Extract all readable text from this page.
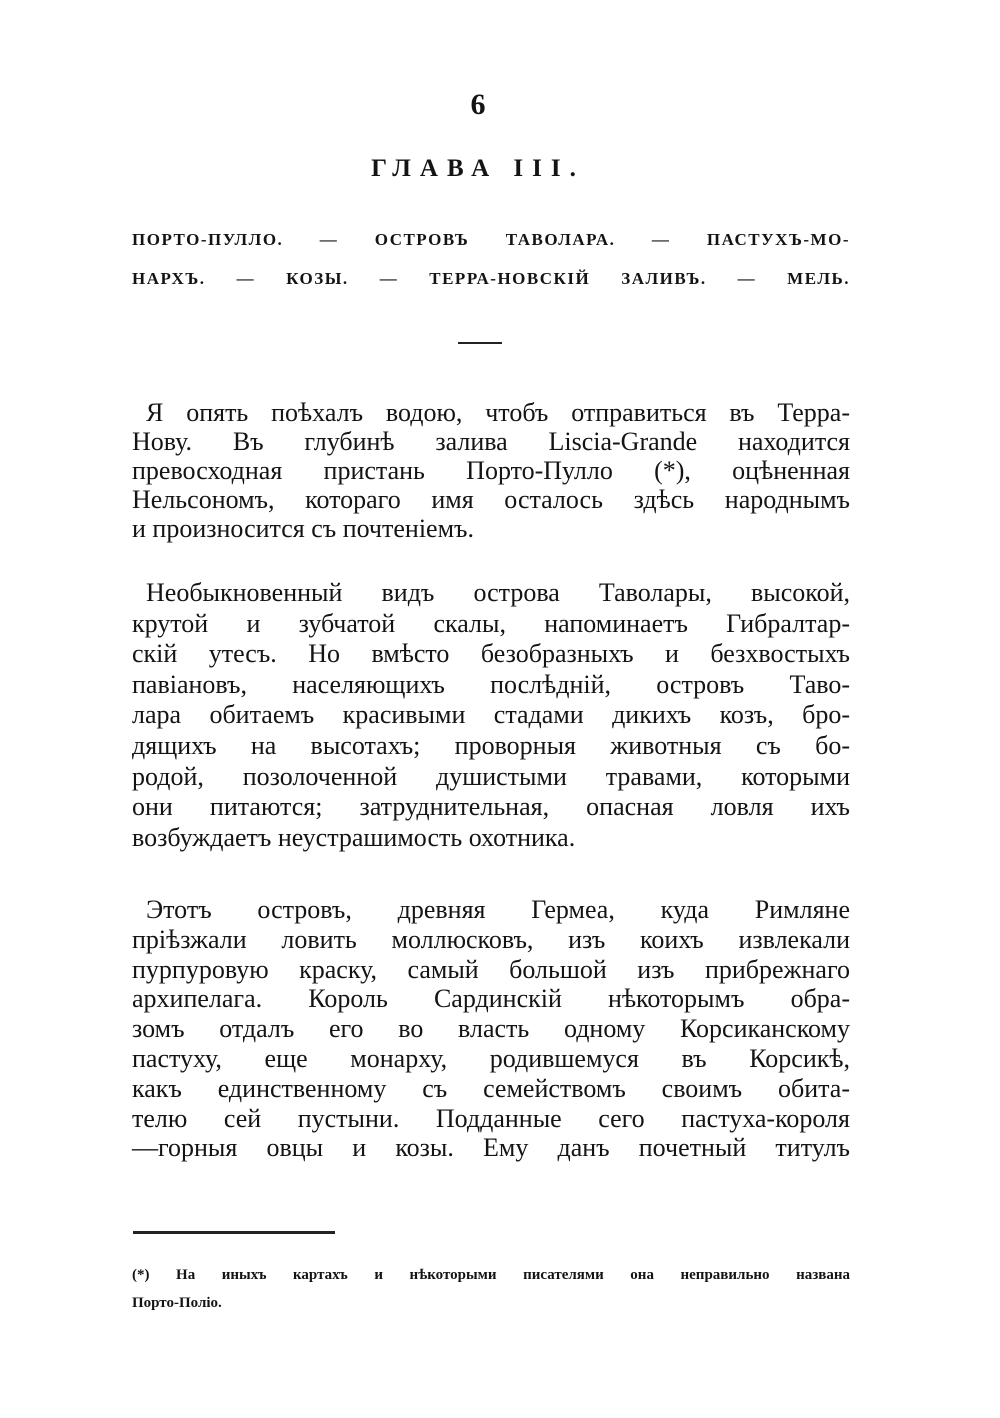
6
ГЛАВА III.
ПОРТО-ПУЛЛО. — ОСТРОВЪ ТАВОЛАРА. — ПАСТУХЪ-МО-
НАРХЪ. — КОЗЫ. — ТЕРРА-НОВСКІЙ ЗАЛИВЪ. — МЕЛЬ.
Я опять поѣхалъ водою, чтобъ отправиться въ Терра-
Нову. Въ глубинѣ залива Liscia-Grande находится
превосходная пристань Порто-Пулло (*), оцѣненная
Нельсономъ, котораго имя осталось здѣсь народнымъ
и произносится съ почтеніемъ.
Необыкновенный видъ острова Таволары, высокой,
крутой и зубчатой скалы, напоминаетъ Гибралтар-
скій утесъ. Но вмѣсто безобразныхъ и безхвостыхъ
павіановъ, населяющихъ послѣдній, островъ Таво-
лара обитаемъ красивыми стадами дикихъ козъ, бро-
дящихъ на высотахъ; проворныя животныя съ бо-
родой, позолоченной душистыми травами, которыми
они питаются; затруднительная, опасная ловля ихъ
возбуждаетъ неустрашимость охотника.
Этотъ островъ, древняя Гермеа, куда Римляне
пріѣзжали ловить моллюсковъ, изъ коихъ извлекали
пурпуровую краску, самый большой изъ прибрежнаго
архипелага. Король Сардинскій нѣкоторымъ обра-
зомъ отдалъ его во власть одному Корсиканскому
пастуху, еще монарху, родившемуся въ Корсикѣ,
какъ единственному съ семействомъ своимъ обита-
телю сей пустыни. Подданные сего пастуха-короля
—горныя овцы и козы. Ему данъ почетный титулъ
(*) На иныхъ картахъ и нѣкоторыми писателями она неправильно названа
Порто-Поліо.
